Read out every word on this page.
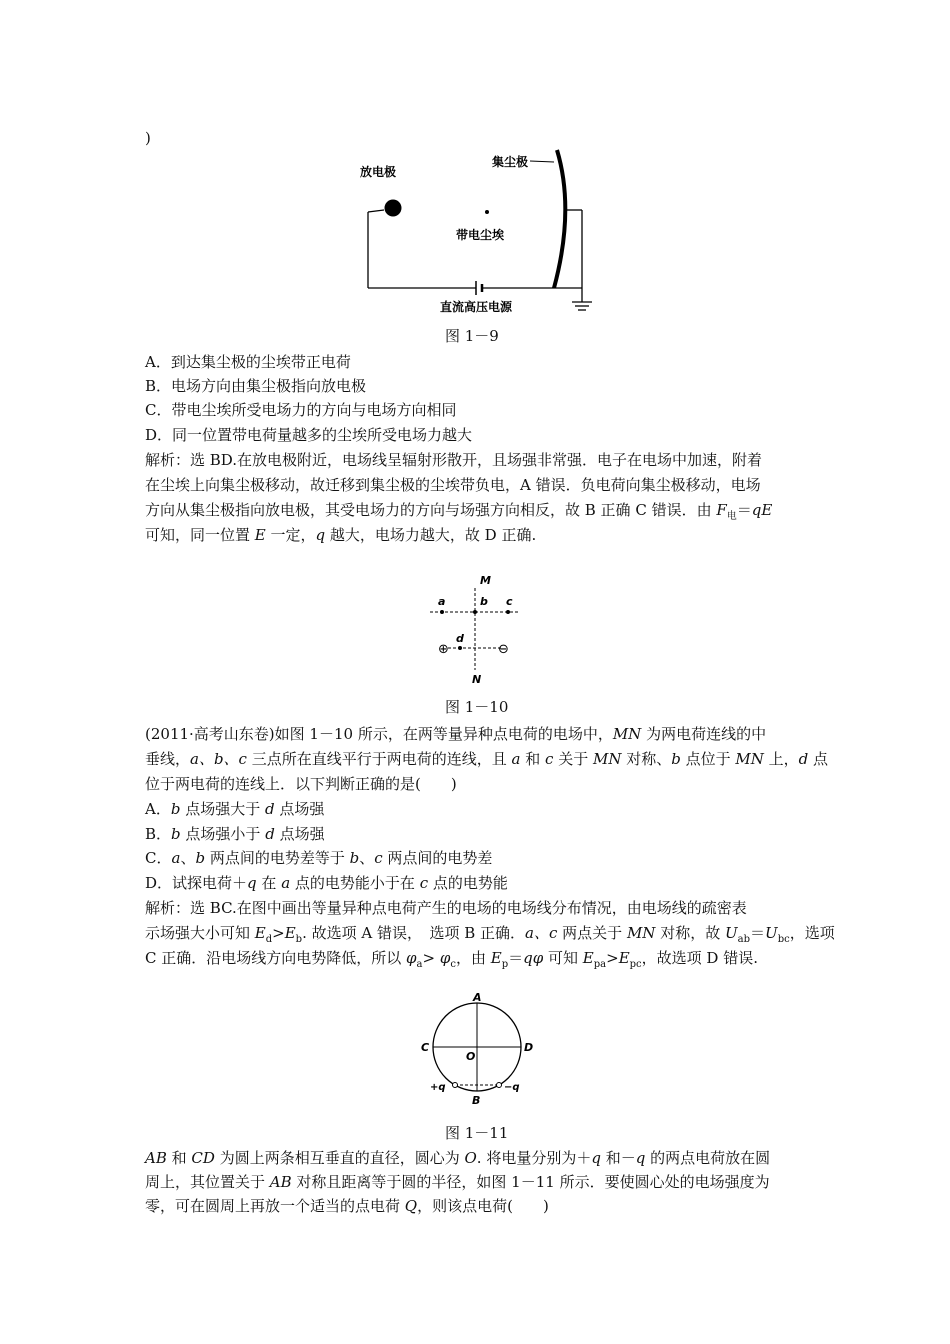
)
放电极
集尘极
带电尘埃
直流高压电源
图 1－9
A．到达集尘极的尘埃带正电荷
B．电场方向由集尘极指向放电极
C．带电尘埃所受电场力的方向与电场方向相同
D．同一位置带电荷量越多的尘埃所受电场力越大
解析：选 BD.在放电极附近，电场线呈辐射形散开，且场强非常强．电子在电场中加速，附着
在尘埃上向集尘极移动，故迁移到集尘极的尘埃带负电，A 错误．负电荷向集尘极移动，电场
方向从集尘极指向放电极，其受电场力的方向与场强方向相反，故 B 正确 C 错误．由 $F_电=qE$
可知，同一位置 E 一定，q 越大，电场力越大，故 D 正确.
M
N
a	b c
d
⊕	⊖
图 1－10
(2011·高考山东卷)如图 1－10 所示，在两等量异种点电荷的电场中，MN 为两电荷连线的中
垂线，a、b、c 三点所在直线平行于两电荷的连线，且 a 和 c 关于 MN 对称、b 点位于 MN 上，d 点
位于两电荷的连线上．以下判断正确的是(　　)
A．b 点场强大于 d 点场强
B．b 点场强小于 d 点场强
C．a、b 两点间的电势差等于 b、c 两点间的电势差
D．试探电荷＋q 在 a 点的电势能小于在 c 点的电势能
解析：选 BC.在图中画出等量异种点电荷产生的电场的电场线分布情况，由电场线的疏密表
示场强大小可知 $E_d>E_b$. 故选项 A 错误，　选项 B 正确．a、c 两点关于 MN 对称，故 $U_{ab}=U_{bc}$，选项
C 正确．沿电场线方向电势降低，所以 $\varphi_a> \varphi_c$，由 $E_p=q\varphi$ 可知 $E_{pa}>E_{pc}$，故选项 D 错误.
A
B
C	D
O
+q	−q
图 1－11
AB 和 CD 为圆上两条相互垂直的直径，圆心为 O. 将电量分别为＋q 和－q 的两点电荷放在圆
周上，其位置关于 AB 对称且距离等于圆的半径，如图 1－11 所示．要使圆心处的电场强度为
零，可在圆周上再放一个适当的点电荷 Q，则该点电荷(　　)
